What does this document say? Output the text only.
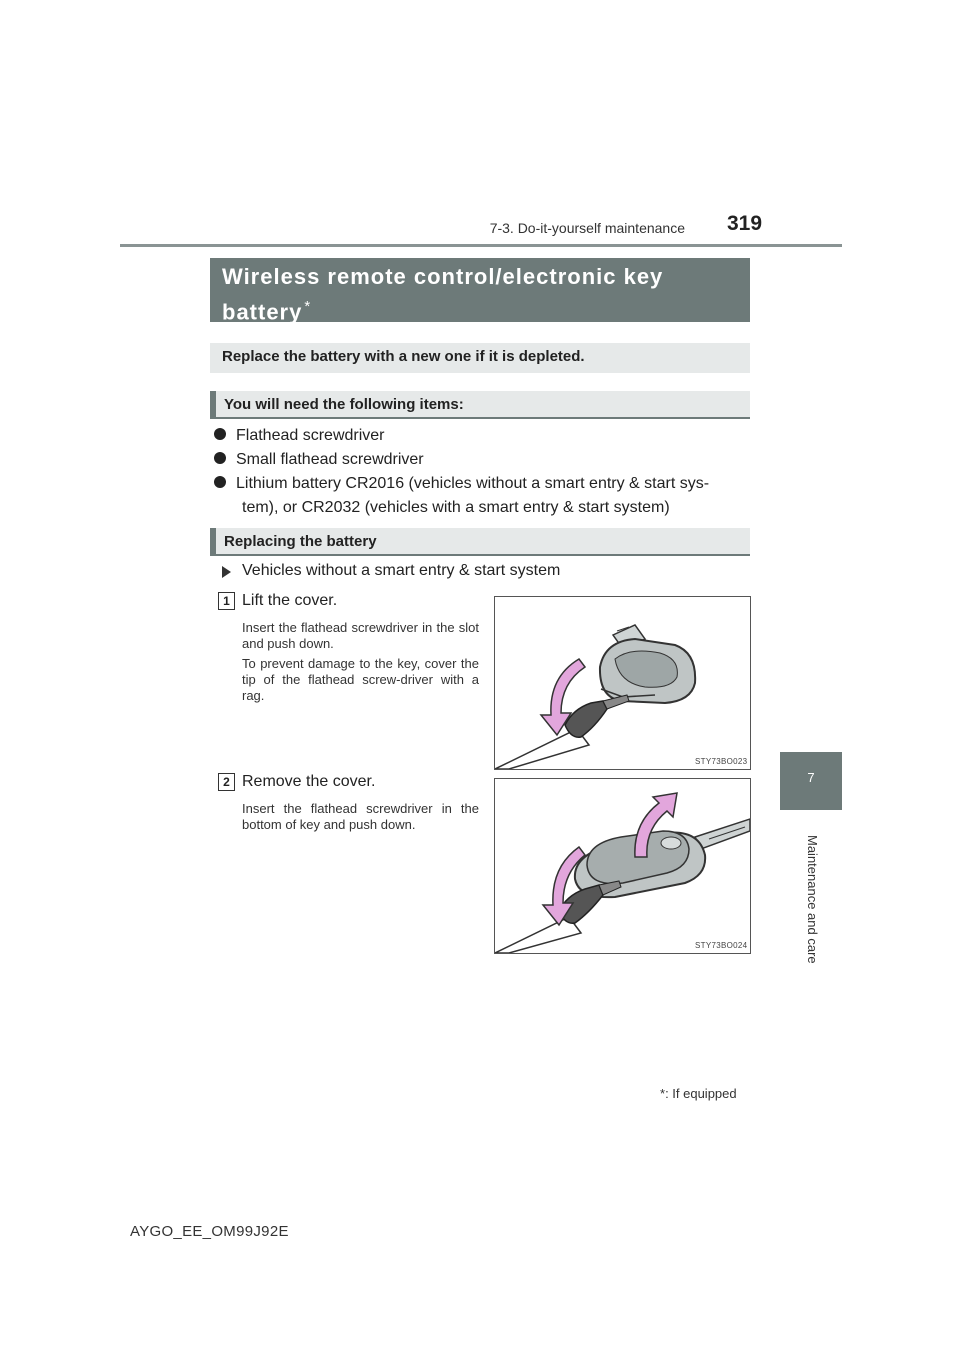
7-3. Do-it-yourself maintenance 319
Wireless remote control/electronic key battery *
Replace the battery with a new one if it is depleted.
You will need the following items:
Flathead screwdriver
Small flathead screwdriver
Lithium battery CR2016 (vehicles without a smart entry & start sys-
tem), or CR2032 (vehicles with a smart entry & start system)
Replacing the battery
Vehicles without a smart entry & start system
1 Lift the cover.
Insert the flathead screwdriver in the slot and push down.
To prevent damage to the key, cover the tip of the flathead screw-driver with a rag.
STY73BO023
2 Remove the cover.
Insert the flathead screwdriver in the bottom of key and push down.
STY73BO024
7
Maintenance and care
*: If equipped
AYGO_EE_OM99J92E
